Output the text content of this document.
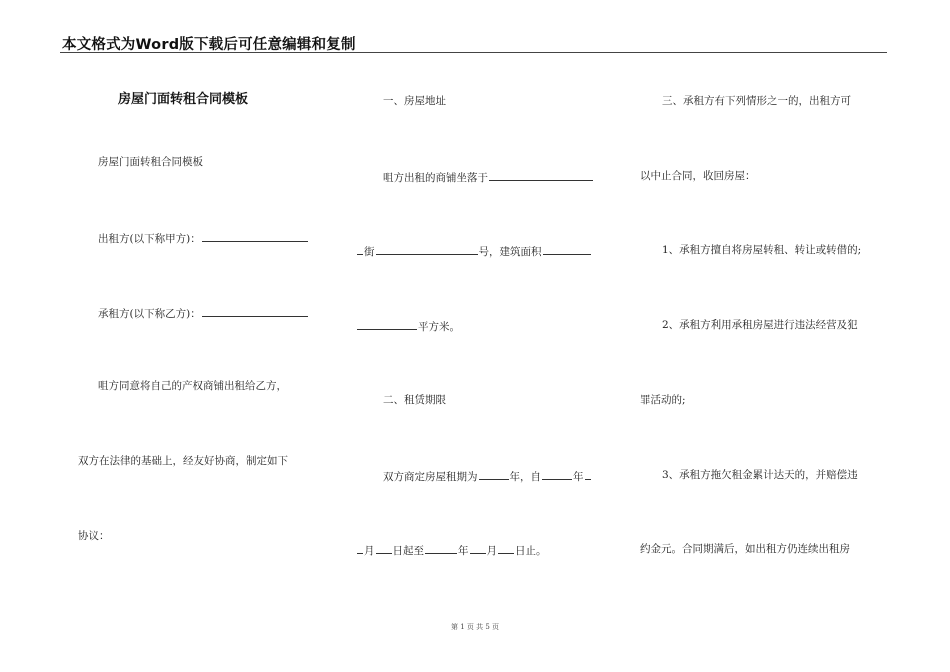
本文格式为Word版下载后可任意编辑和复制
房屋门面转租合同模板
房屋门面转租合同模板
出租方(以下称甲方)：
承租方(以下称乙方)：
咀方同意将自己的产权商铺出租给乙方，
双方在法律的基础上，经友好协商，制定如下
协议：
一、房屋地址
咀方出租的商铺坐落于
街	号，建筑面积
平方米。
二、租赁期限
双方商定房屋租期为	年，自	年
月 日起至	年 月 日止。
三、承租方有下列情形之一的，出租方可
以中止合同，收回房屋：
1、承租方擅自将房屋转租、转让或转借的;
2、承租方利用承租房屋进行违法经营及犯
罪活动的;
3、承租方拖欠租金累计达天的，并赔偿违
约金元。合同期满后，如出租方仍连续出租房
第 1 页 共 5 页
